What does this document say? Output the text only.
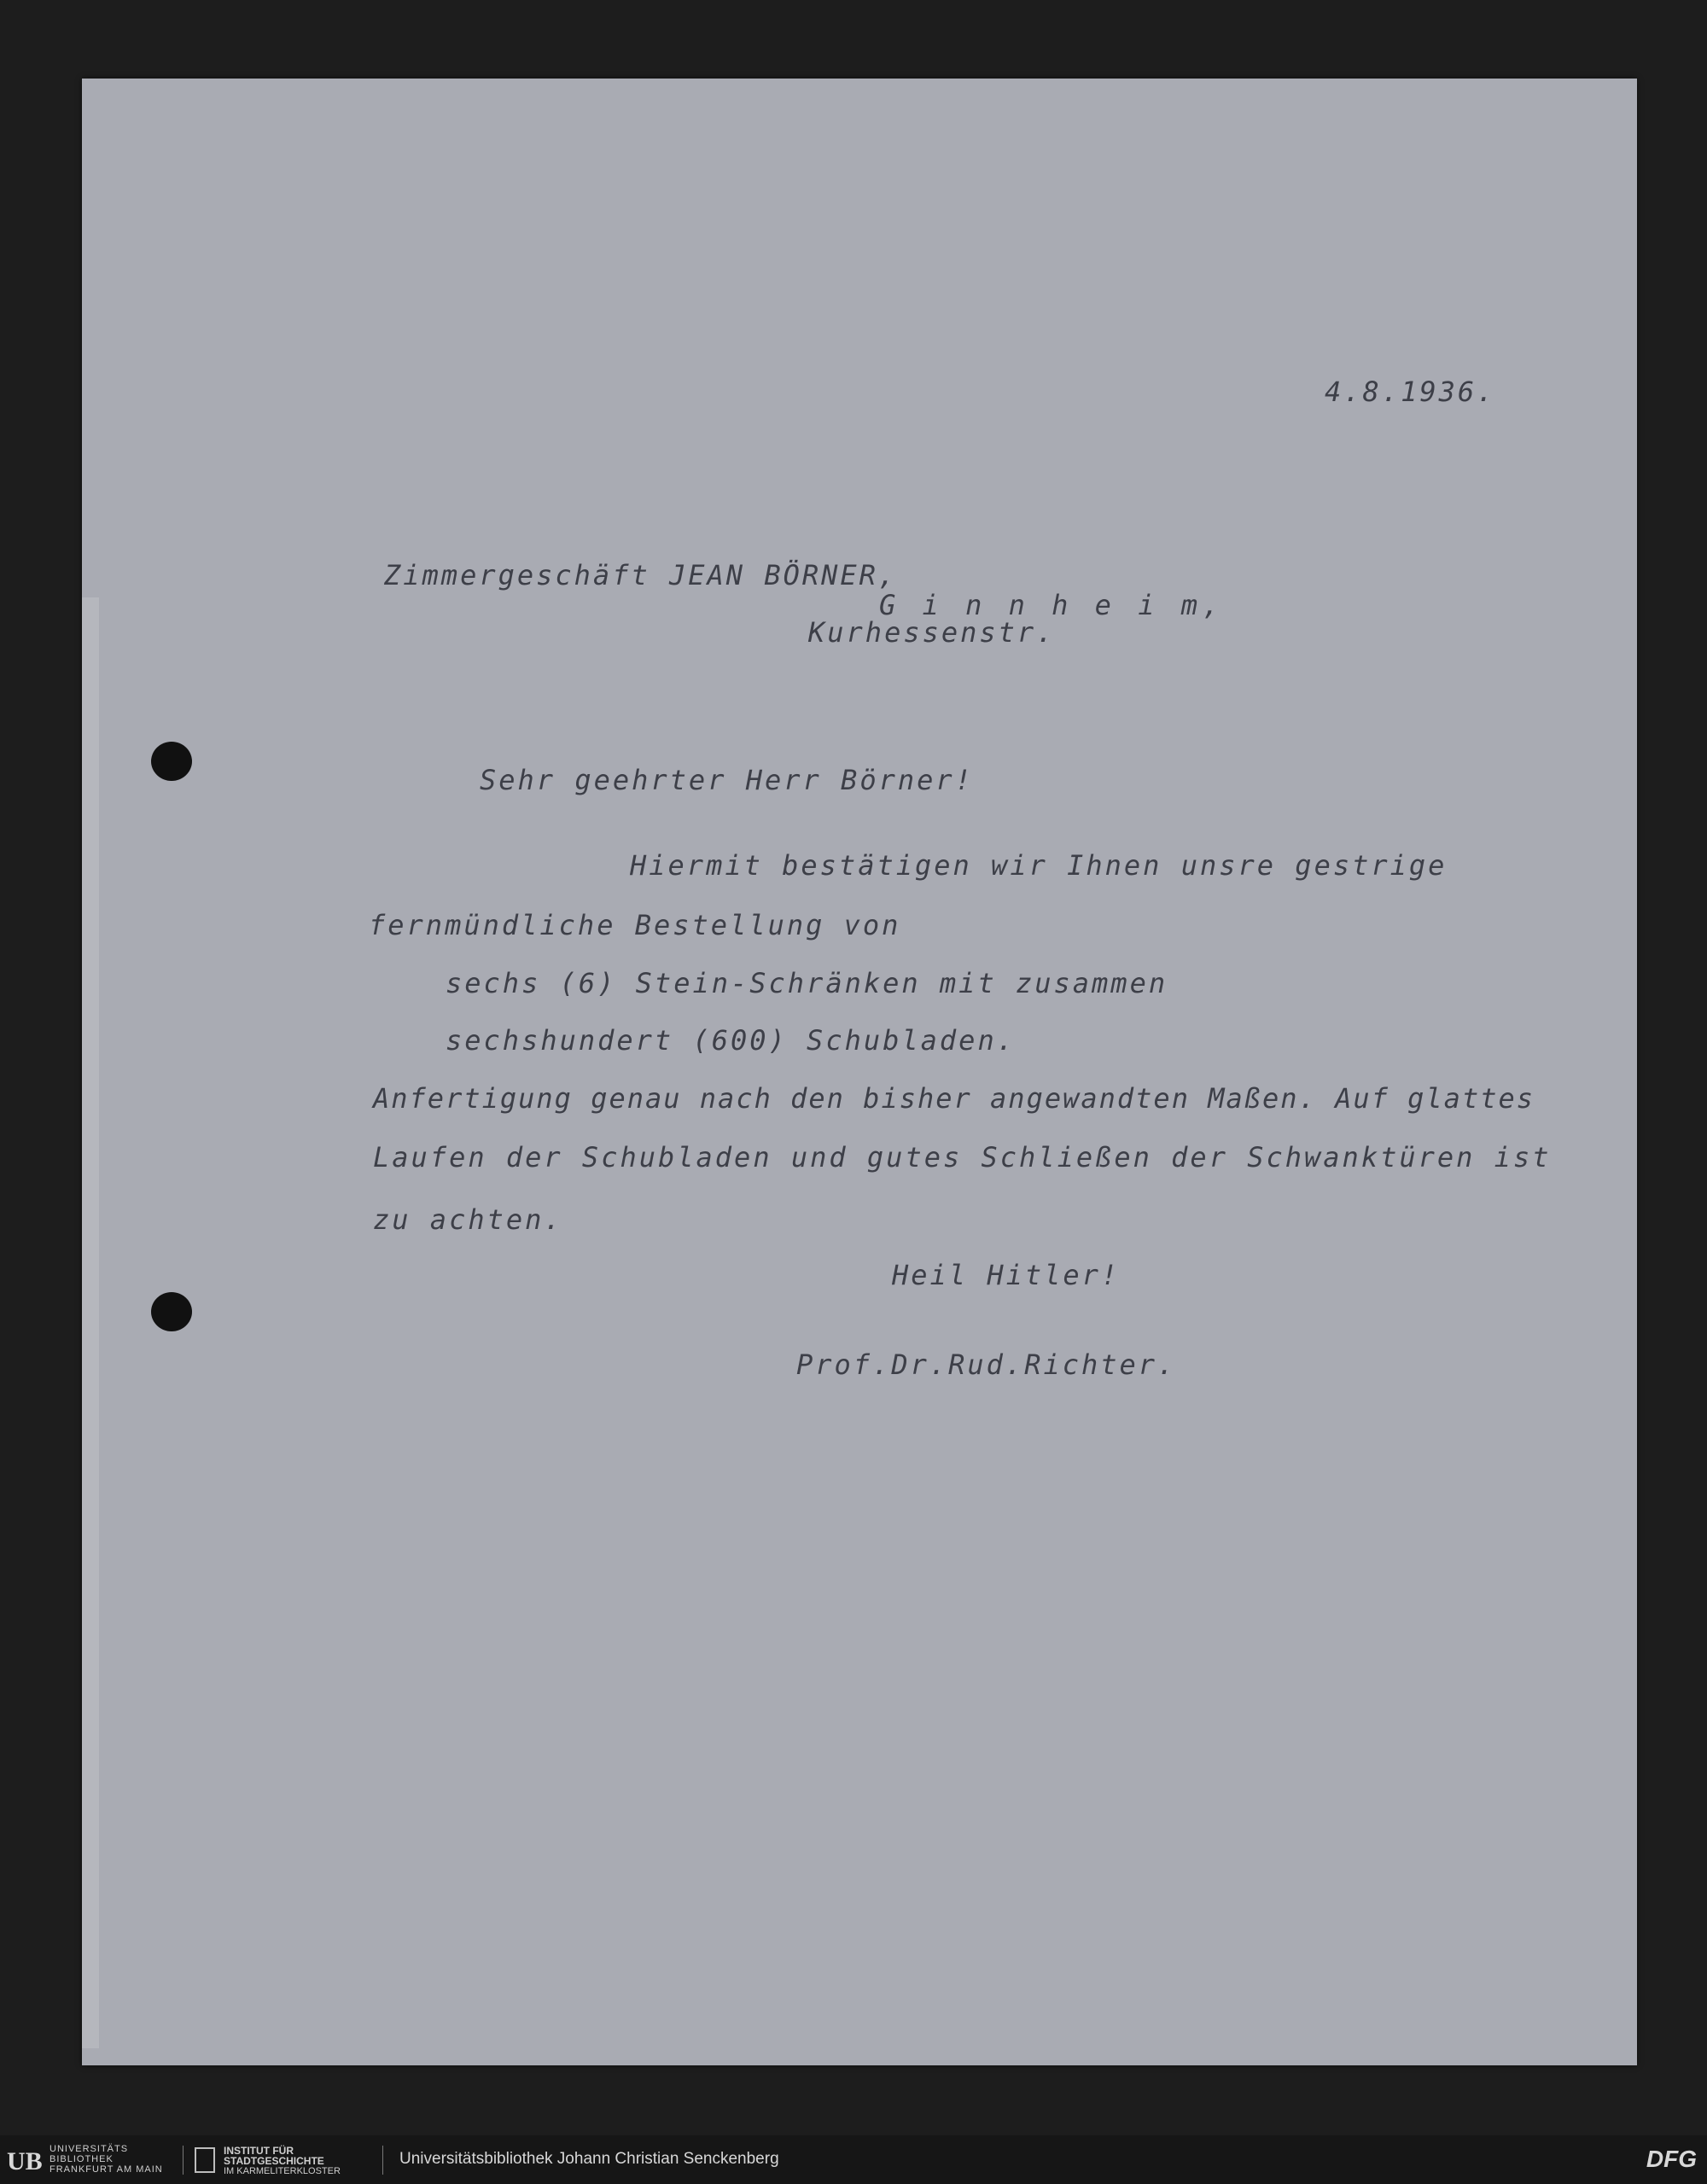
4.8.1936.
Zimmergeschäft JEAN BÖRNER,
G i n n h e i m,
Kurhessenstr.
Sehr geehrter Herr Börner!
Hiermit bestätigen wir Ihnen unsre gestrige
fernmündliche Bestellung von
sechs (6) Stein-Schränken mit zusammen
sechshundert (600) Schubladen.
Anfertigung genau nach den bisher angewandten Maßen. Auf glattes
Laufen der Schubladen und gutes Schließen der Schwanktüren ist
zu achten.
Heil Hitler!
Prof.Dr.Rud.Richter.
UB UNIVERSITÄTS
BIBLIOTHEK
FRANKFURT AM MAIN
INSTITUT FÜR
STADTGESCHICHTE
IM KARMELITERKLOSTER
Universitätsbibliothek Johann Christian Senckenberg	DFG
